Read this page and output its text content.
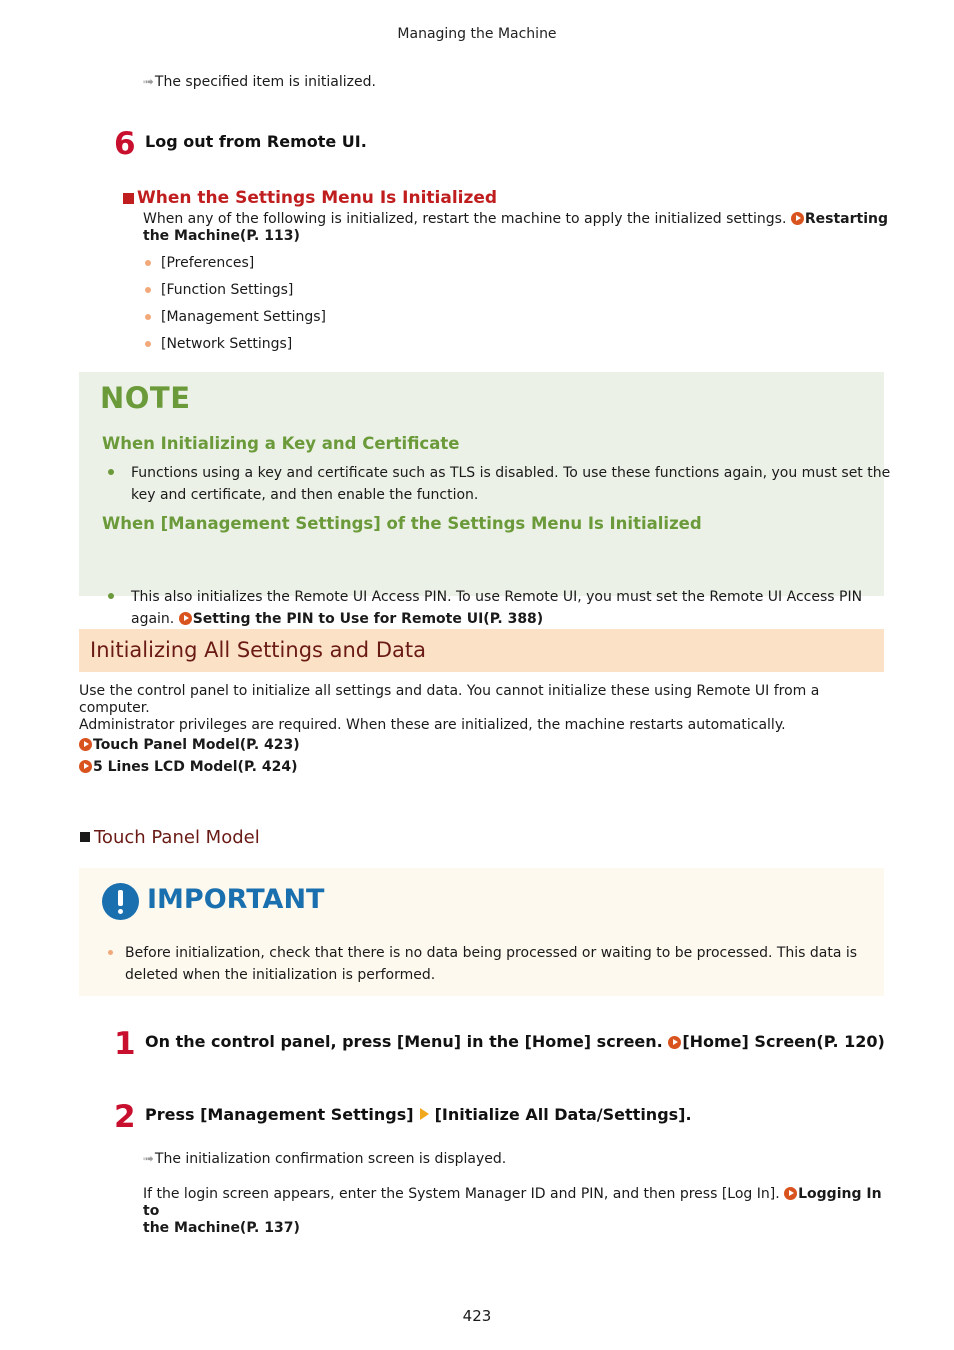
Managing the Machine
➟ The specified item is initialized.
6 Log out from Remote UI.
When the Settings Menu Is Initialized
When any of the following is initialized, restart the machine to apply the initialized settings. Restarting the Machine(P. 113)
[Preferences]
[Function Settings]
[Management Settings]
[Network Settings]
NOTE
When Initializing a Key and Certificate
Functions using a key and certificate such as TLS is disabled. To use these functions again, you must set the
key and certificate, and then enable the function.
When [Management Settings] of the Settings Menu Is Initialized
This also initializes the Remote UI Access PIN. To use Remote UI, you must set the Remote UI Access PIN
again. Setting the PIN to Use for Remote UI(P. 388)
Initializing All Settings and Data
Use the control panel to initialize all settings and data. You cannot initialize these using Remote UI from a computer.
Administrator privileges are required. When these are initialized, the machine restarts automatically.
Touch Panel Model(P. 423)
5 Lines LCD Model(P. 424)
Touch Panel Model
IMPORTANT
Before initialization, check that there is no data being processed or waiting to be processed. This data is
deleted when the initialization is performed.
1 On the control panel, press [Menu] in the [Home] screen. [Home] Screen(P. 120)
2 Press [Management Settings] [Initialize All Data/Settings].
➟ The initialization confirmation screen is displayed.
If the login screen appears, enter the System Manager ID and PIN, and then press [Log In]. Logging In to
the Machine(P. 137)
423
